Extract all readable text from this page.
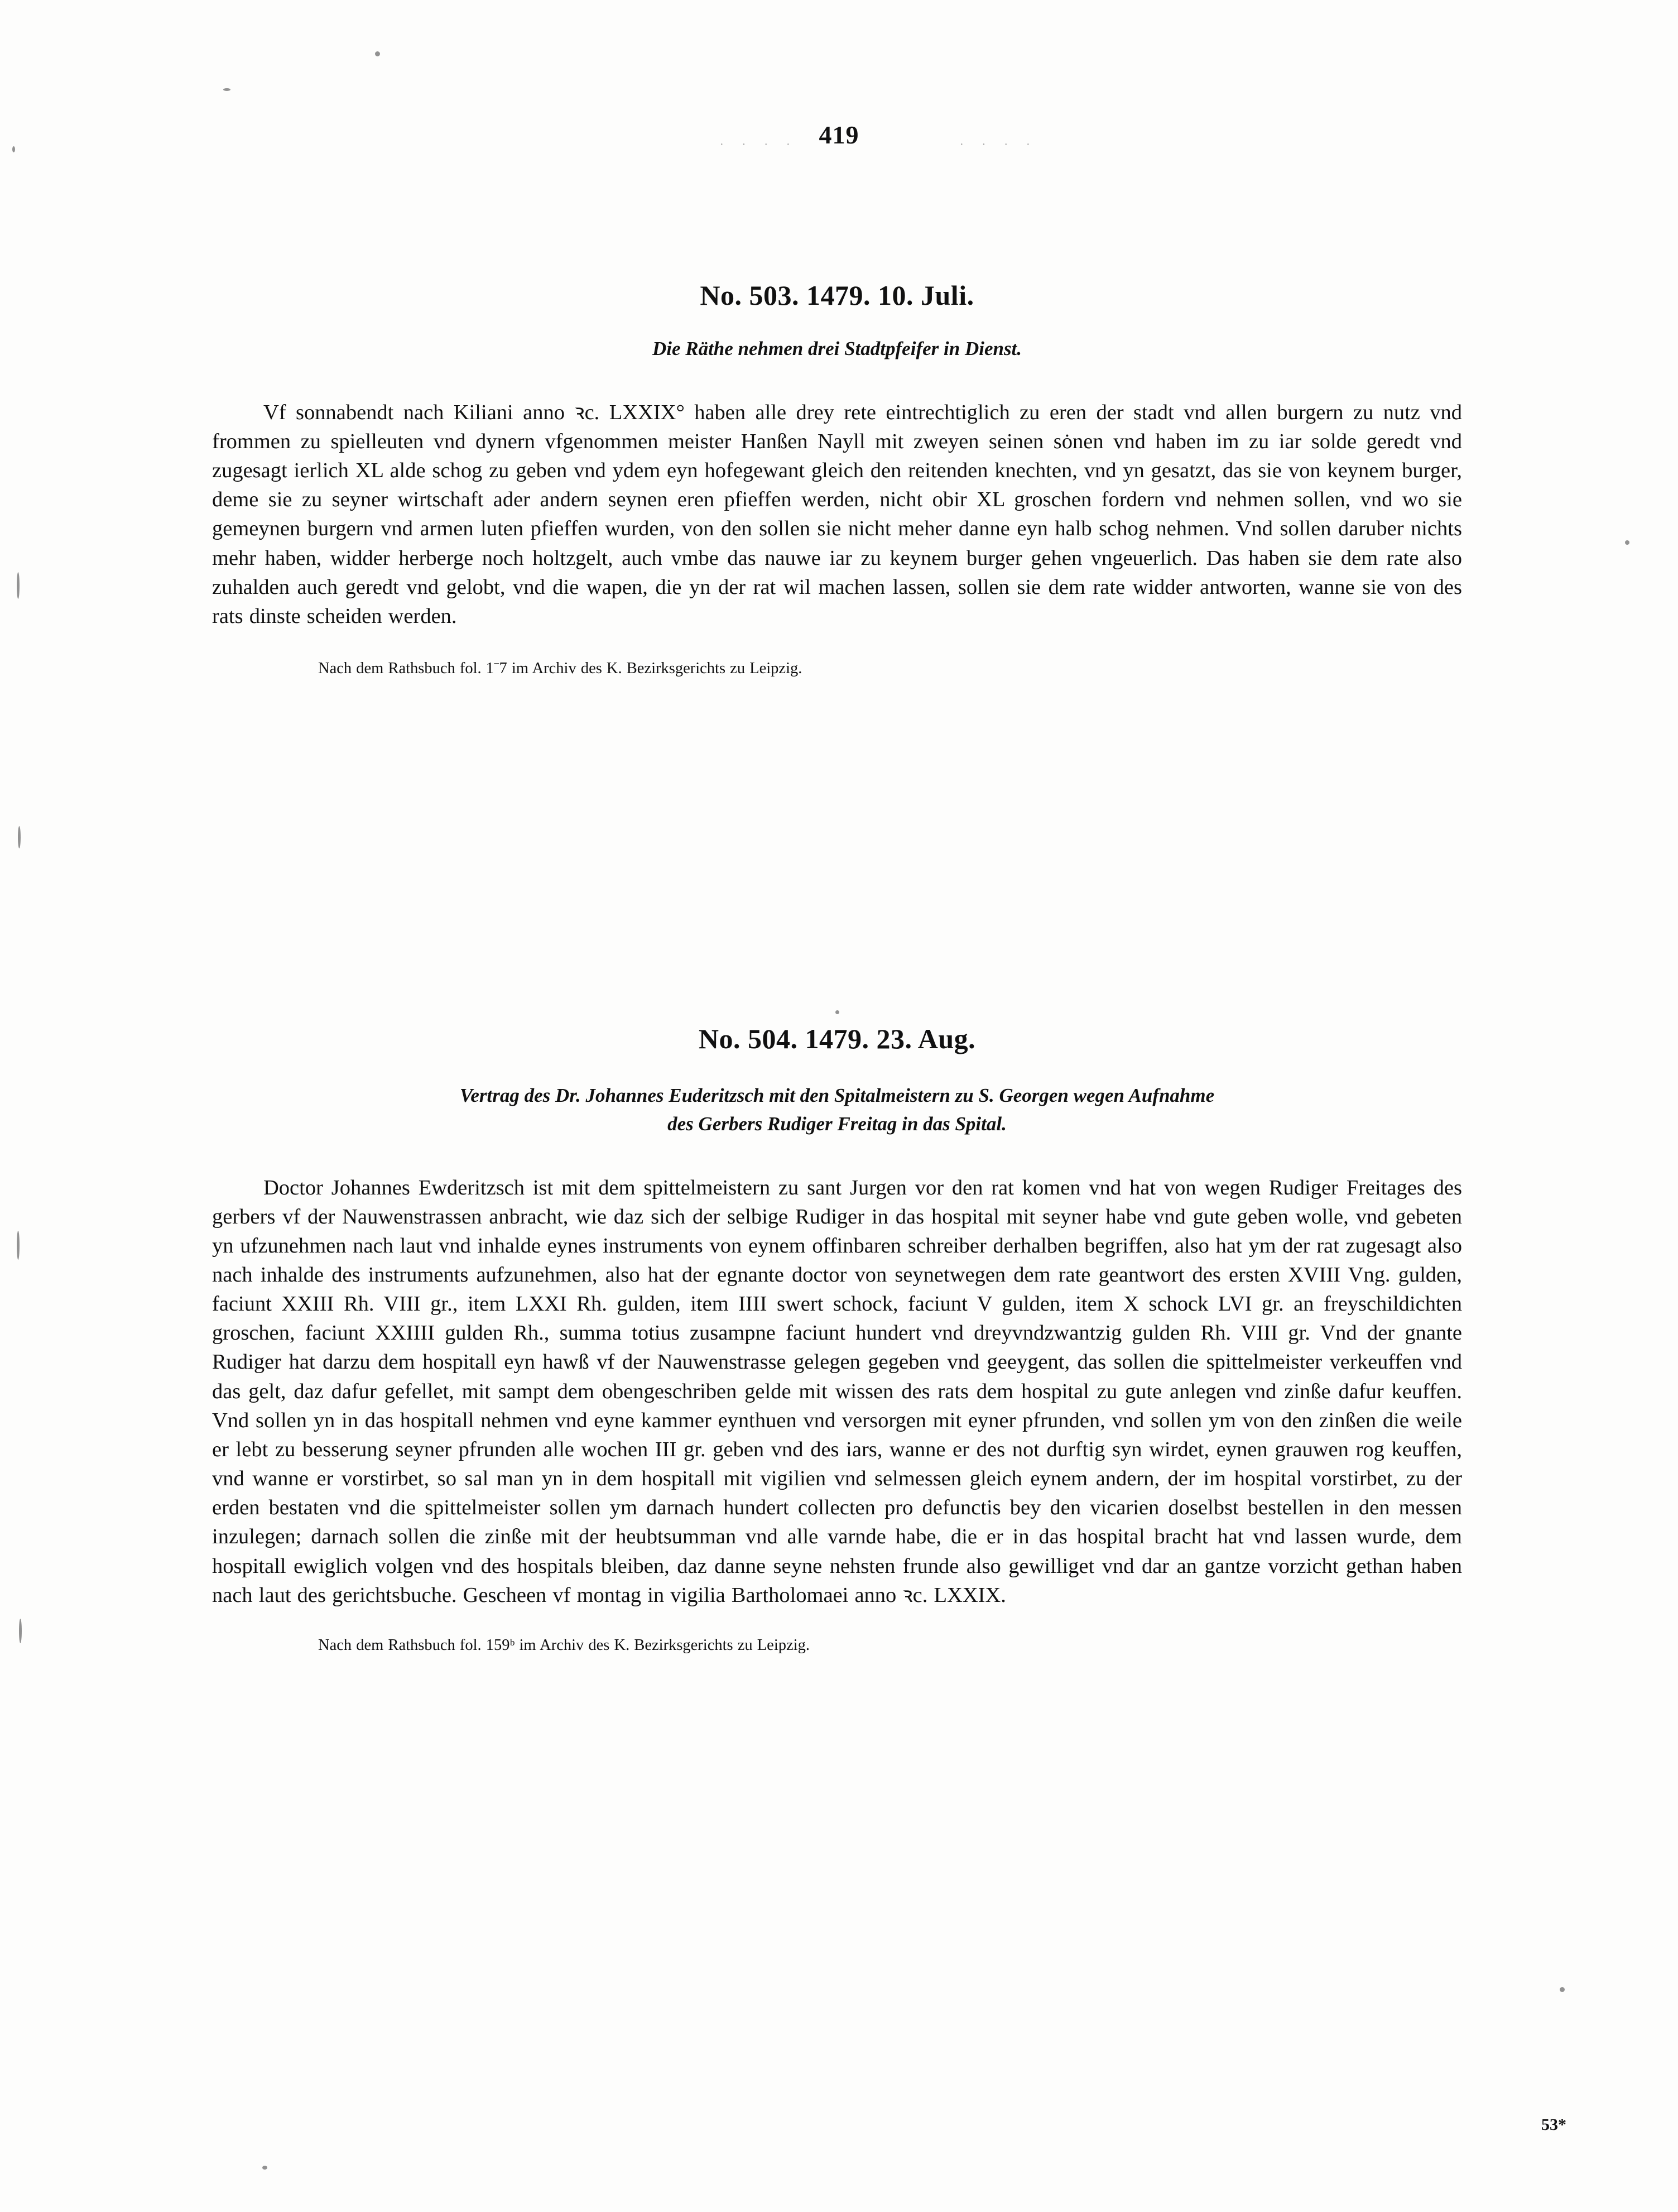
419
· · · ·	· · · ·
No. 503. 1479. 10. Juli.

Die Räthe nehmen drei Stadtpfeifer in Dienst.

Vf sonnabendt nach Kiliani anno ꝛc. LXXIX° haben alle drey rete eintrechtiglich zu eren der stadt vnd allen burgern zu nutz vnd frommen zu spielleuten vnd dynern vfgenommen meister Hanßen Nayll mit zweyen seinen sȯnen vnd haben im zu iar solde geredt vnd zugesagt ierlich XL alde schog zu geben vnd ydem eyn hofegewant gleich den reitenden knechten, vnd yn gesatzt, das sie von keynem burger, deme sie zu seyner wirtschaft ader andern seynen eren pfieffen werden, nicht obir XL groschen fordern vnd nehmen sollen, vnd wo sie gemeynen burgern vnd armen luten pfieffen wurden, von den sollen sie nicht meher danne eyn halb schog nehmen. Vnd sollen daruber nichts mehr haben, widder herberge noch holtzgelt, auch vmbe das nauwe iar zu keynem burger gehen vngeuerlich. Das haben sie dem rate also zuhalden auch geredt vnd gelobt, vnd die wapen, die yn der rat wil machen lassen, sollen sie dem rate widder antworten, wanne sie von des rats dinste scheiden werden.

Nach dem Rathsbuch fol. 1ˉ7 im Archiv des K. Bezirksgerichts zu Leipzig.

No. 504. 1479. 23. Aug.

Vertrag des Dr. Johannes Euderitzsch mit den Spitalmeistern zu S. Georgen wegen Aufnahme
des Gerbers Rudiger Freitag in das Spital.

Doctor Johannes Ewderitzsch ist mit dem spittelmeistern zu sant Jurgen vor den rat komen vnd hat von wegen Rudiger Freitages des gerbers vf der Nauwenstrassen anbracht, wie daz sich der selbige Rudiger in das hospital mit seyner habe vnd gute geben wolle, vnd gebeten yn ufzunehmen nach laut vnd inhalde eynes instruments von eynem offinbaren schreiber derhalben begriffen, also hat ym der rat zugesagt also nach inhalde des instruments aufzunehmen, also hat der egnante doctor von seynetwegen dem rate geantwort des ersten XVIII Vng. gulden, faciunt XXIII Rh. VIII gr., item LXXI Rh. gulden, item IIII swert schock, faciunt V gulden, item X schock LVI gr. an freyschildichten groschen, faciunt XXIIII gulden Rh., summa totius zusampne faciunt hundert vnd dreyvndzwantzig gulden Rh. VIII gr. Vnd der gnante Rudiger hat darzu dem hospitall eyn hawß vf der Nauwenstrasse gelegen gegeben vnd geeygent, das sollen die spittelmeister verkeuffen vnd das gelt, daz dafur gefellet, mit sampt dem obengeschriben gelde mit wissen des rats dem hospital zu gute anlegen vnd zinße dafur keuffen. Vnd sollen yn in das hospitall nehmen vnd eyne kammer eynthuen vnd versorgen mit eyner pfrunden, vnd sollen ym von den zinßen die weile er lebt zu besserung seyner pfrunden alle wochen III gr. geben vnd des iars, wanne er des not durftig syn wirdet, eynen grauwen rog keuffen, vnd wanne er vorstirbet, so sal man yn in dem hospitall mit vigilien vnd selmessen gleich eynem andern, der im hospital vorstirbet, zu der erden bestaten vnd die spittelmeister sollen ym darnach hundert collecten pro defunctis bey den vicarien doselbst bestellen in den messen inzulegen; darnach sollen die zinße mit der heubtsumman vnd alle varnde habe, die er in das hospital bracht hat vnd lassen wurde, dem hospitall ewiglich volgen vnd des hospitals bleiben, daz danne seyne nehsten frunde also gewilliget vnd dar an gantze vorzicht gethan haben nach laut des gerichtsbuche. Gescheen vf montag in vigilia Bartholomaei anno ꝛc. LXXIX.

Nach dem Rathsbuch fol. 159ᵇ im Archiv des K. Bezirksgerichts zu Leipzig.

53*
